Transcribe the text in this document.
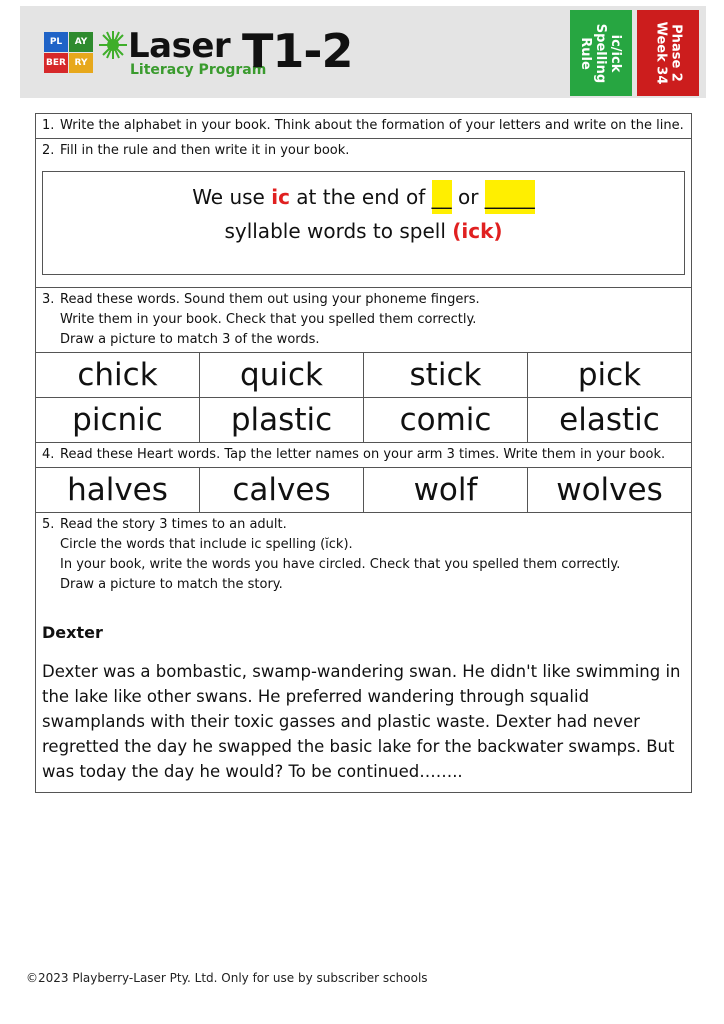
PL	AY
BER RY Laser
Literacy Program
T1-2	ic/ick
Spelling
Rule	Phase 2
Week 34
1. Write the alphabet in your book. Think about the formation of your letters and write on the line.
2. Fill in the rule and then write it in your book.
We use ic at the end of __ or _____
syllable words to spell (ick)
3. Read these words. Sound them out using your phoneme fingers.
Write them in your book. Check that you spelled them correctly.
Draw a picture to match 3 of the words.
chick	quick	stick	pick
picnic	plastic	comic	elastic
4. Read these Heart words. Tap the letter names on your arm 3 times. Write them in your book.
halves	calves	wolf	wolves
5. Read the story 3 times to an adult.
Circle the words that include ic spelling (ĭck).
In your book, write the words you have circled. Check that you spelled them correctly.
Draw a picture to match the story.
Dexter
Dexter was a bombastic, swamp-wandering swan. He didn't like swimming in the lake like other swans. He preferred wandering through squalid swamplands with their toxic gasses and plastic waste. Dexter had never regretted the day he swapped the basic lake for the backwater swamps. But was today the day he would? To be continued……..
©2023 Playberry-Laser Pty. Ltd. Only for use by subscriber schools
